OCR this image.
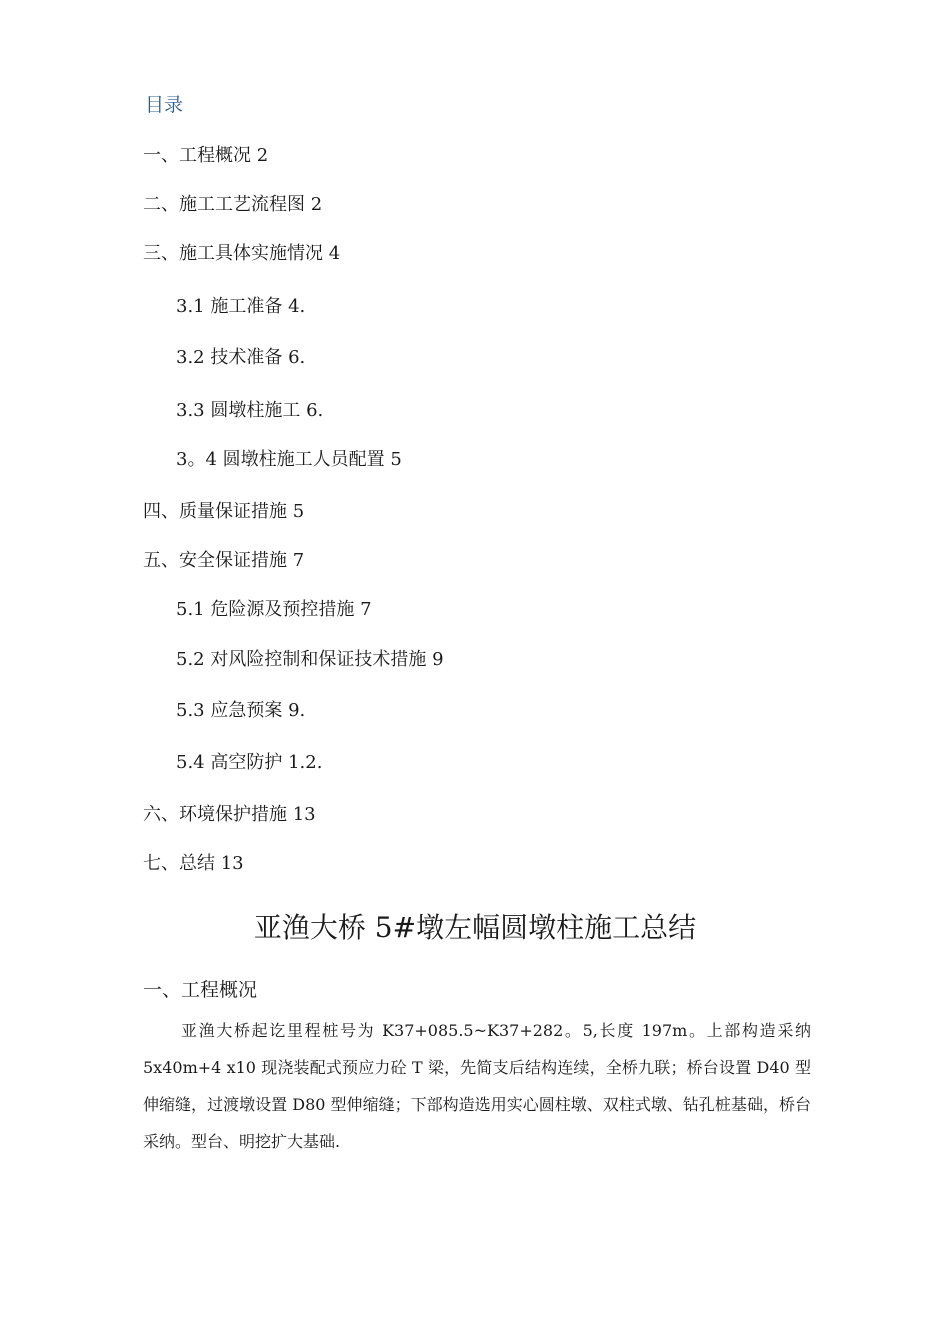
目录
一、工程概况 2
二、施工工艺流程图 2
三、施工具体实施情况 4
3.1 施工准备 4.
3.2 技术准备 6.
3.3 圆墩柱施工 6.
3。4 圆墩柱施工人员配置 5
四、质量保证措施 5
五、安全保证措施 7
5.1 危险源及预控措施 7
5.2 对风险控制和保证技术措施 9
5.3 应急预案 9.
5.4 高空防护 1.2.
六、环境保护措施 13
七、总结 13
亚渔大桥 5#墩左幅圆墩柱施工总结
一、工程概况

亚渔大桥起讫里程桩号为 K37+085.5~K37+282。5,长度 197m。上部构造采纳 5x40m+4 x10 现浇装配式预应力砼 T 梁，先简支后结构连续，全桥九联；桥台设置 D40 型伸缩缝，过渡墩设置 D80 型伸缩缝；下部构造选用实心圆柱墩、双柱式墩、钻孔桩基础，桥台采纳。型台、明挖扩大基础.
